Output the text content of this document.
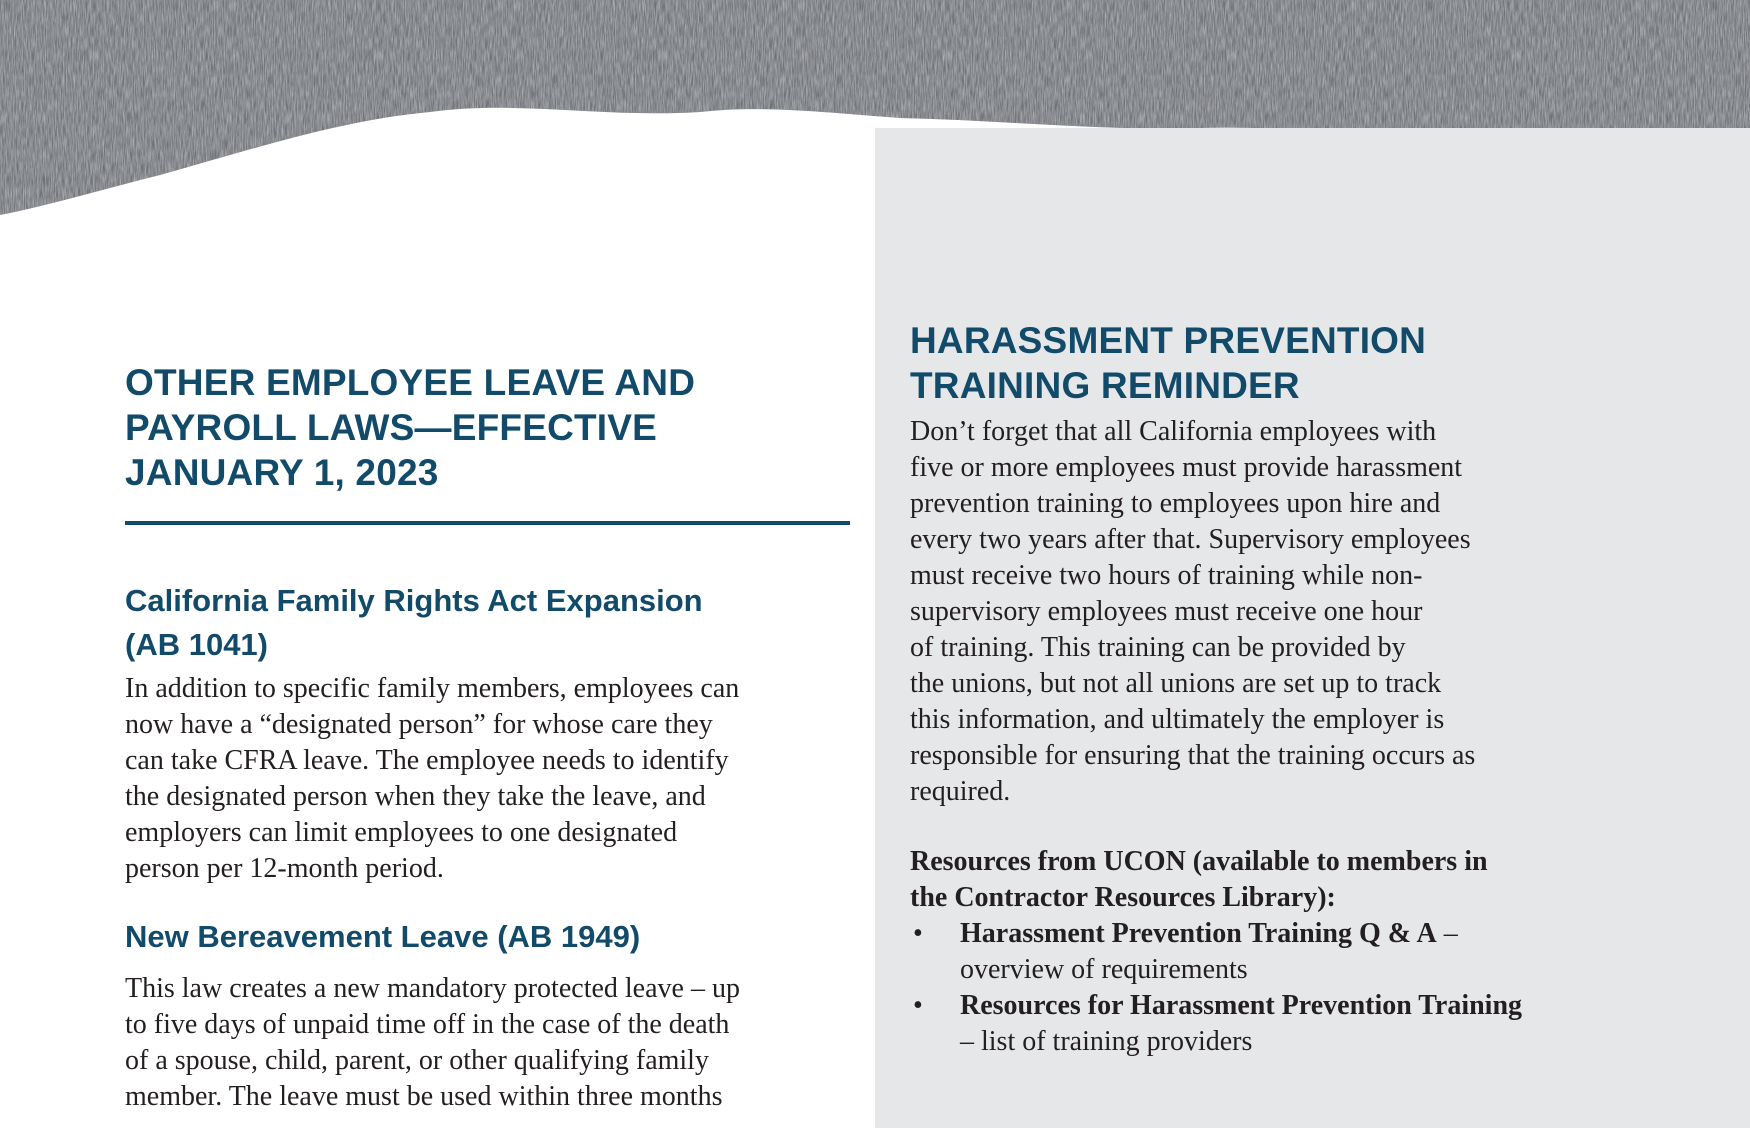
OTHER EMPLOYEE LEAVE AND
PAYROLL LAWS—EFFECTIVE
JANUARY 1, 2023
California Family Rights Act Expansion
(AB 1041)

In addition to specific family members, employees can
now have a “designated person” for whose care they
can take CFRA leave. The employee needs to identify
the designated person when they take the leave, and
employers can limit employees to one designated
person per 12-month period.

New Bereavement Leave (AB 1949)

This law creates a new mandatory protected leave – up
to five days of unpaid time off in the case of the death
of a spouse, child, parent, or other qualifying family
member. The leave must be used within three months

HARASSMENT PREVENTION
TRAINING REMINDER

Don’t forget that all California employees with
five or more employees must provide harassment
prevention training to employees upon hire and
every two years after that. Supervisory employees
must receive two hours of training while non-
supervisory employees must receive one hour
of training. This training can be provided by
the unions, but not all unions are set up to track
this information, and ultimately the employer is
responsible for ensuring that the training occurs as
required.

Resources from UCON (available to members in
the Contractor Resources Library):

• Harassment Prevention Training Q & A –
overview of requirements
• Resources for Harassment Prevention Training
– list of training providers
